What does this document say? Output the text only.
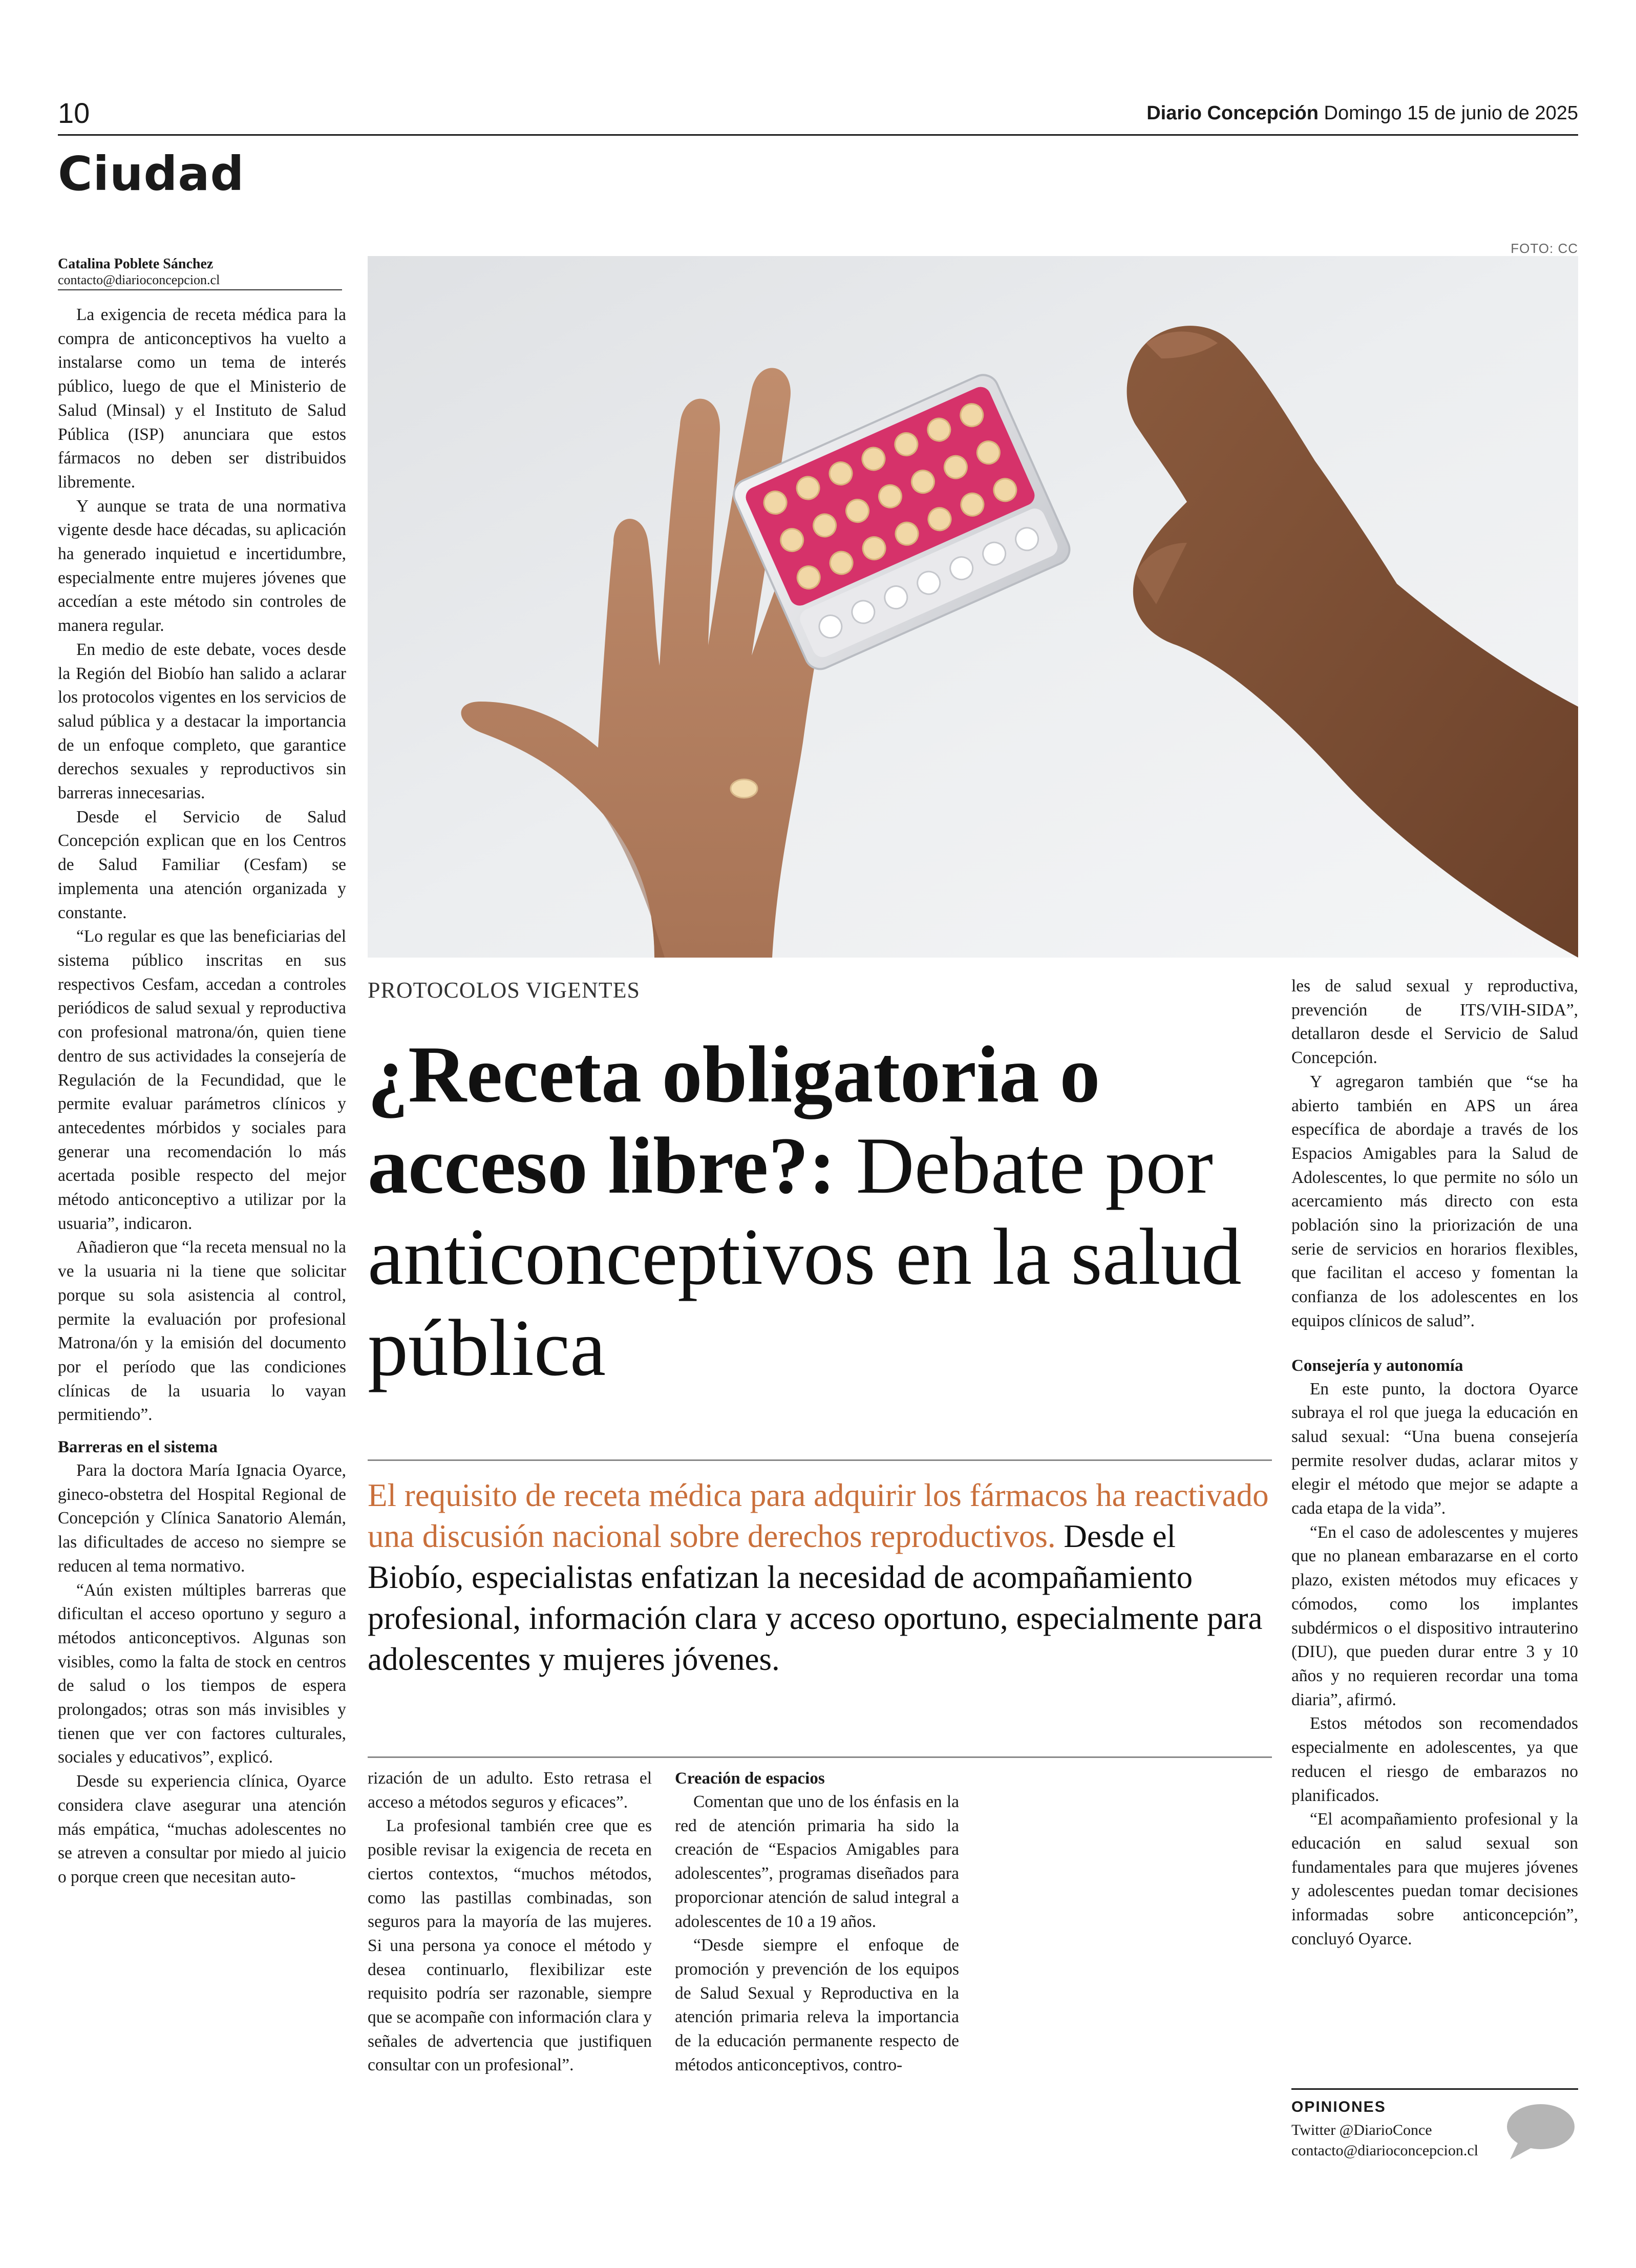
10	Diario Concepción Domingo 15 de junio de 2025
Ciudad
Catalina Poblete Sánchez
contacto@diarioconcepcion.cl

La exigencia de receta médica para la compra de anticonceptivos ha vuelto a instalarse como un tema de interés público, luego de que el Ministerio de Salud (Minsal) y el Instituto de Salud Pública (ISP) anunciara que estos fármacos no deben ser distribuidos libremente.

Y aunque se trata de una normativa vigente desde hace décadas, su aplicación ha generado inquietud e incertidumbre, especialmente entre mujeres jóvenes que accedían a este método sin controles de manera regular.

En medio de este debate, voces desde la Región del Biobío han salido a aclarar los protocolos vigentes en los servicios de salud pública y a destacar la importancia de un enfoque completo, que garantice derechos sexuales y reproductivos sin barreras innecesarias.

Desde el Servicio de Salud Concepción explican que en los Centros de Salud Familiar (Cesfam) se implementa una atención organizada y constante.

“Lo regular es que las beneficiarias del sistema público inscritas en sus respectivos Cesfam, accedan a controles periódicos de salud sexual y reproductiva con profesional matrona/ón, quien tiene dentro de sus actividades la consejería de Regulación de la Fecundidad, que le permite evaluar parámetros clínicos y antecedentes mórbidos y sociales para generar una recomendación lo más acertada posible respecto del mejor método anticonceptivo a utilizar por la usuaria”, indicaron.

Añadieron que “la receta mensual no la ve la usuaria ni la tiene que solicitar porque su sola asistencia al control, permite la evaluación por profesional Matrona/ón y la emisión del documento por el período que las condiciones clínicas de la usuaria lo vayan permitiendo”.

Barreras en el sistema

Para la doctora María Ignacia Oyarce, gineco-obstetra del Hospital Regional de Concepción y Clínica Sanatorio Alemán, las dificultades de acceso no siempre se reducen al tema normativo.

“Aún existen múltiples barreras que dificultan el acceso oportuno y seguro a métodos anticonceptivos. Algunas son visibles, como la falta de stock en centros de salud o los tiempos de espera prolongados; otras son más invisibles y tienen que ver con factores culturales, sociales y educativos”, explicó.

Desde su experiencia clínica, Oyarce considera clave asegurar una atención más empática, “muchas adolescentes no se atreven a consultar por miedo al juicio o porque creen que necesitan auto-

FOTO: CC
PROTOCOLOS VIGENTES
¿Receta obligatoria o acceso libre?: Debate por anticonceptivos en la salud pública
El requisito de receta médica para adquirir los fármacos ha reactivado una discusión nacional sobre derechos reproductivos. Desde el Biobío, especialistas enfatizan la necesidad de acompañamiento profesional, información clara y acceso oportuno, especialmente para adolescentes y mujeres jóvenes.

rización de un adulto. Esto retrasa el acceso a métodos seguros y eficaces”.

La profesional también cree que es posible revisar la exigencia de receta en ciertos contextos, “muchos métodos, como las pastillas combinadas, son seguros para la mayoría de las mujeres. Si una persona ya conoce el método y desea continuarlo, flexibilizar este requisito podría ser razonable, siempre que se acompañe con información clara y señales de advertencia que justifiquen consultar con un profesional”.

Creación de espacios

Comentan que uno de los énfasis en la red de atención primaria ha sido la creación de “Espacios Amigables para adolescentes”, programas diseñados para proporcionar atención de salud integral a adolescentes de 10 a 19 años.

“Desde siempre el enfoque de promoción y prevención de los equipos de Salud Sexual y Reproductiva en la atención primaria releva la importancia de la educación permanente respecto de métodos anticonceptivos, contro-

les de salud sexual y reproductiva, prevención de ITS/VIH-SIDA”, detallaron desde el Servicio de Salud Concepción.

Y agregaron también que “se ha abierto también en APS un área específica de abordaje a través de los Espacios Amigables para la Salud de Adolescentes, lo que permite no sólo un acercamiento más directo con esta población sino la priorización de una serie de servicios en horarios flexibles, que facilitan el acceso y fomentan la confianza de los adolescentes en los equipos clínicos de salud”.

Consejería y autonomía

En este punto, la doctora Oyarce subraya el rol que juega la educación en salud sexual: “Una buena consejería permite resolver dudas, aclarar mitos y elegir el método que mejor se adapte a cada etapa de la vida”.

“En el caso de adolescentes y mujeres que no planean embarazarse en el corto plazo, existen métodos muy eficaces y cómodos, como los implantes subdérmicos o el dispositivo intrauterino (DIU), que pueden durar entre 3 y 10 años y no requieren recordar una toma diaria”, afirmó.

Estos métodos son recomendados especialmente en adolescentes, ya que reducen el riesgo de embarazos no planificados.

“El acompañamiento profesional y la educación en salud sexual son fundamentales para que mujeres jóvenes y adolescentes puedan tomar decisiones informadas sobre anticoncepción”, concluyó Oyarce.

OPINIONES
Twitter @DiarioConce
contacto@diarioconcepcion.cl
